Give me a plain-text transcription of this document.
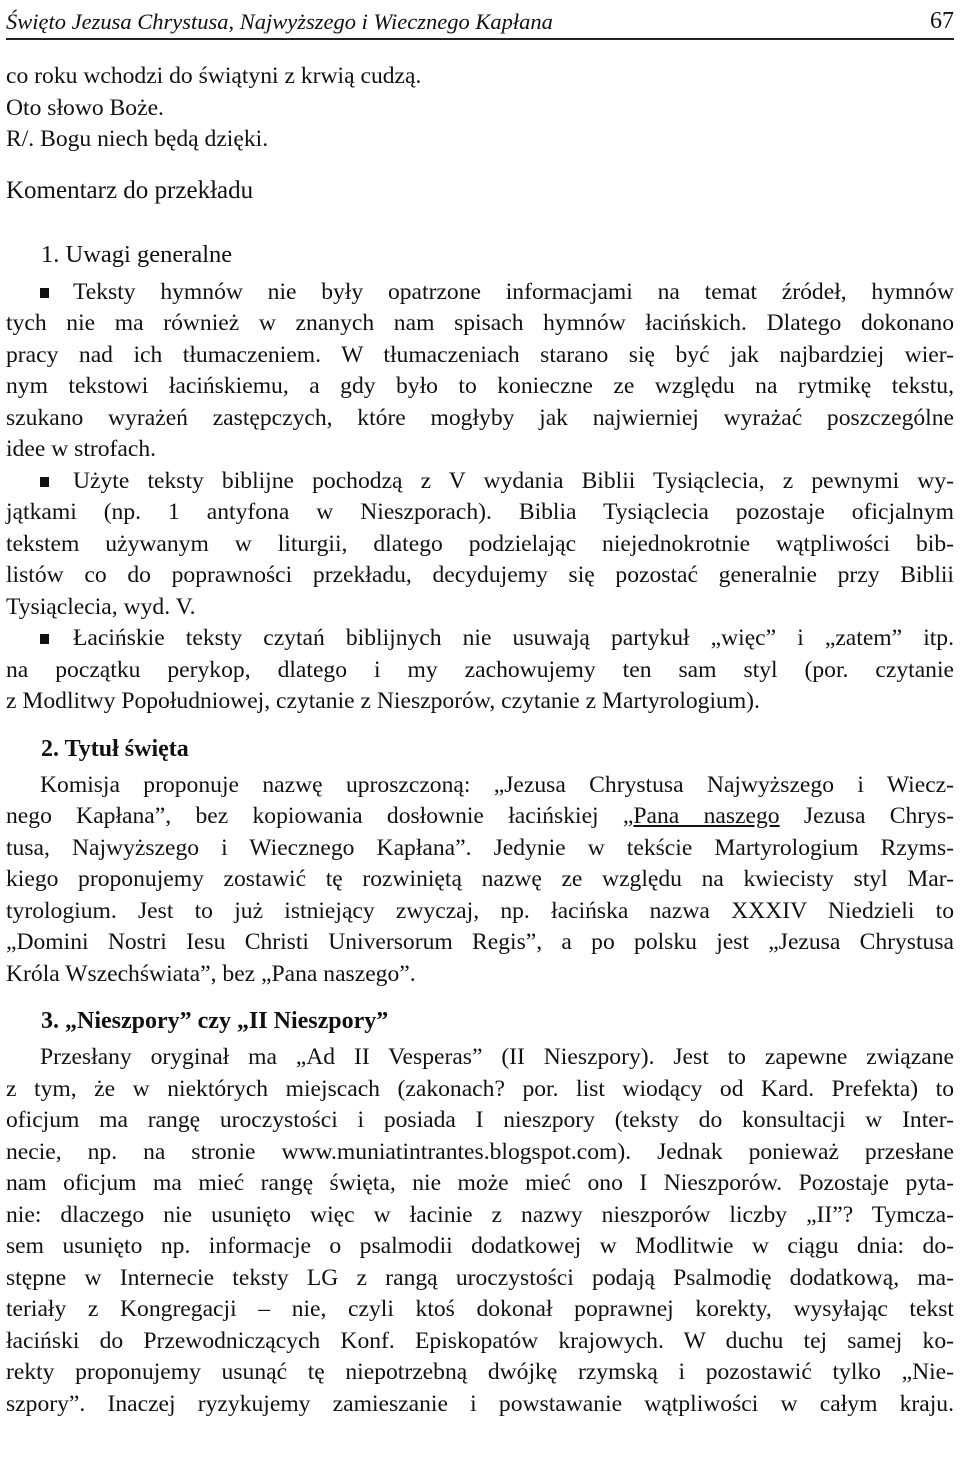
Święto Jezusa Chrystusa, Najwyższego i Wiecznego Kapłana	67
co roku wchodzi do świątyni z krwią cudzą.
Oto słowo Boże.
R/. Bogu niech będą dzięki.
Komentarz do przekładu
1. Uwagi generalne
Teksty hymnów nie były opatrzone informacjami na temat źródeł, hymnów
tych nie ma również w znanych nam spisach hymnów łacińskich. Dlatego dokonano
pracy nad ich tłumaczeniem. W tłumaczeniach starano się być jak najbardziej wier-
nym tekstowi łacińskiemu, a gdy było to konieczne ze względu na rytmikę tekstu,
szukano wyrażeń zastępczych, które mogłyby jak najwierniej wyrażać poszczególne
idee w strofach.
Użyte teksty biblijne pochodzą z V wydania Biblii Tysiąclecia, z pewnymi wy-
jątkami (np. 1 antyfona w Nieszporach). Biblia Tysiąclecia pozostaje oficjalnym
tekstem używanym w liturgii, dlatego podzielając niejednokrotnie wątpliwości bib-
listów co do poprawności przekładu, decydujemy się pozostać generalnie przy Biblii
Tysiąclecia, wyd. V.
Łacińskie teksty czytań biblijnych nie usuwają partykuł „więc” i „zatem” itp.
na początku perykop, dlatego i my zachowujemy ten sam styl (por. czytanie
z Modlitwy Popołudniowej, czytanie z Nieszporów, czytanie z Martyrologium).
2. Tytuł święta
Komisja proponuje nazwę uproszczoną: „Jezusa Chrystusa Najwyższego i Wiecz-
nego Kapłana”, bez kopiowania dosłownie łacińskiej „Pana naszego Jezusa Chrys-
tusa, Najwyższego i Wiecznego Kapłana”. Jedynie w tekście Martyrologium Rzyms-
kiego proponujemy zostawić tę rozwiniętą nazwę ze względu na kwiecisty styl Mar-
tyrologium. Jest to już istniejący zwyczaj, np. łacińska nazwa XXXIV Niedzieli to
„Domini Nostri Iesu Christi Universorum Regis”, a po polsku jest „Jezusa Chrystusa
Króla Wszechświata”, bez „Pana naszego”.
3. „Nieszpory” czy „II Nieszpory”
Przesłany oryginał ma „Ad II Vesperas” (II Nieszpory). Jest to zapewne związane
z tym, że w niektórych miejscach (zakonach? por. list wiodący od Kard. Prefekta) to
oficjum ma rangę uroczystości i posiada I nieszpory (teksty do konsultacji w Inter-
necie, np. na stronie www.muniatintrantes.blogspot.com). Jednak ponieważ przesłane
nam oficjum ma mieć rangę święta, nie może mieć ono I Nieszporów. Pozostaje pyta-
nie: dlaczego nie usunięto więc w łacinie z nazwy nieszporów liczby „II”? Tymcza-
sem usunięto np. informacje o psalmodii dodatkowej w Modlitwie w ciągu dnia: do-
stępne w Internecie teksty LG z rangą uroczystości podają Psalmodię dodatkową, ma-
teriały z Kongregacji – nie, czyli ktoś dokonał poprawnej korekty, wysyłając tekst
łaciński do Przewodniczących Konf. Episkopatów krajowych. W duchu tej samej ko-
rekty proponujemy usunąć tę niepotrzebną dwójkę rzymską i pozostawić tylko „Nie-
szpory”. Inaczej ryzykujemy zamieszanie i powstawanie wątpliwości w całym kraju.
